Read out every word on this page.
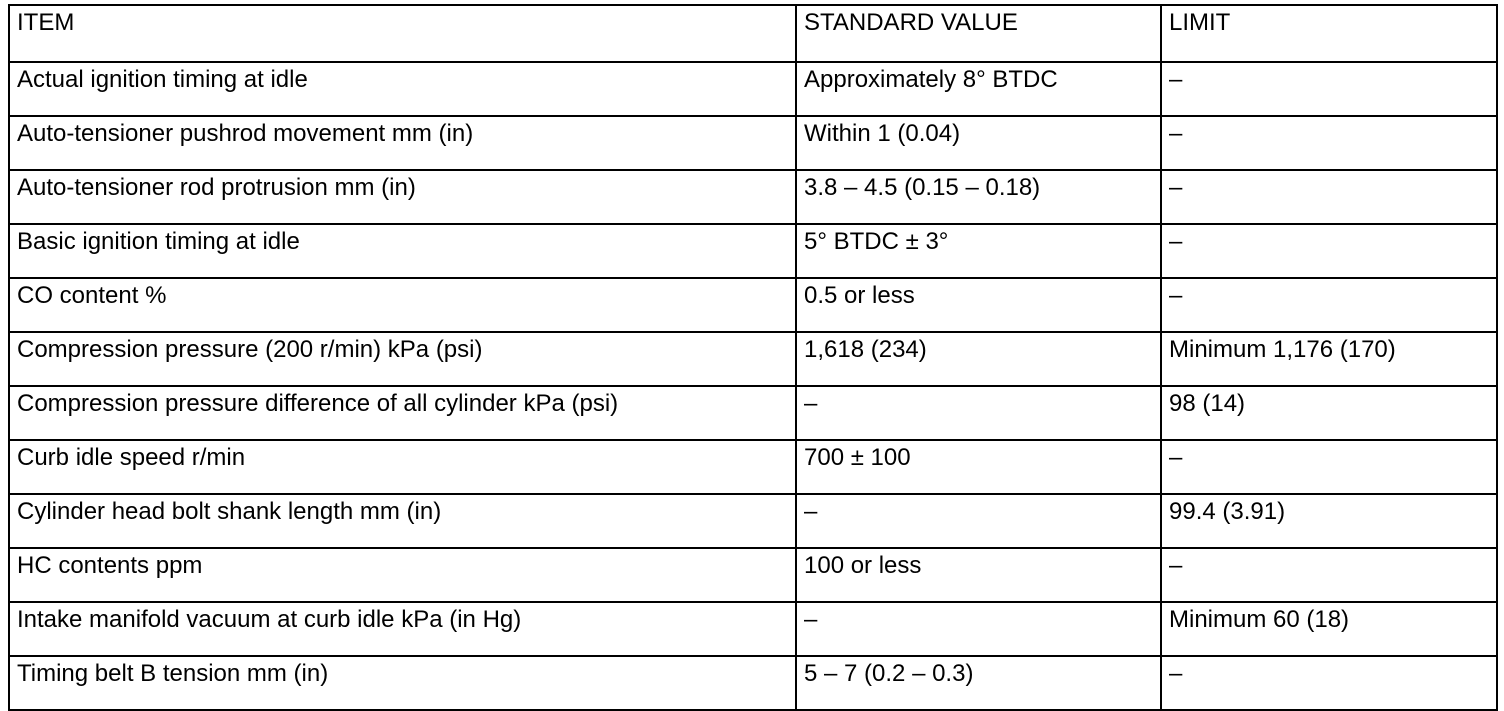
ITEM	STANDARD VALUE	LIMIT
Actual ignition timing at idle	Approximately 8° BTDC	–
Auto-tensioner pushrod movement mm (in)	Within 1 (0.04)	–
Auto-tensioner rod protrusion mm (in)	3.8 – 4.5 (0.15 – 0.18)	–
Basic ignition timing at idle	5° BTDC ± 3°	–
CO content %	0.5 or less	–
Compression pressure (200 r/min) kPa (psi)	1,618 (234)	Minimum 1,176 (170)
Compression pressure difference of all cylinder kPa (psi)	–	98 (14)
Curb idle speed r/min	700 ± 100	–
Cylinder head bolt shank length mm (in)	–	99.4 (3.91)
HC contents ppm	100 or less	–
Intake manifold vacuum at curb idle kPa (in Hg)	–	Minimum 60 (18)
Timing belt B tension mm (in)	5 – 7 (0.2 – 0.3)	–
